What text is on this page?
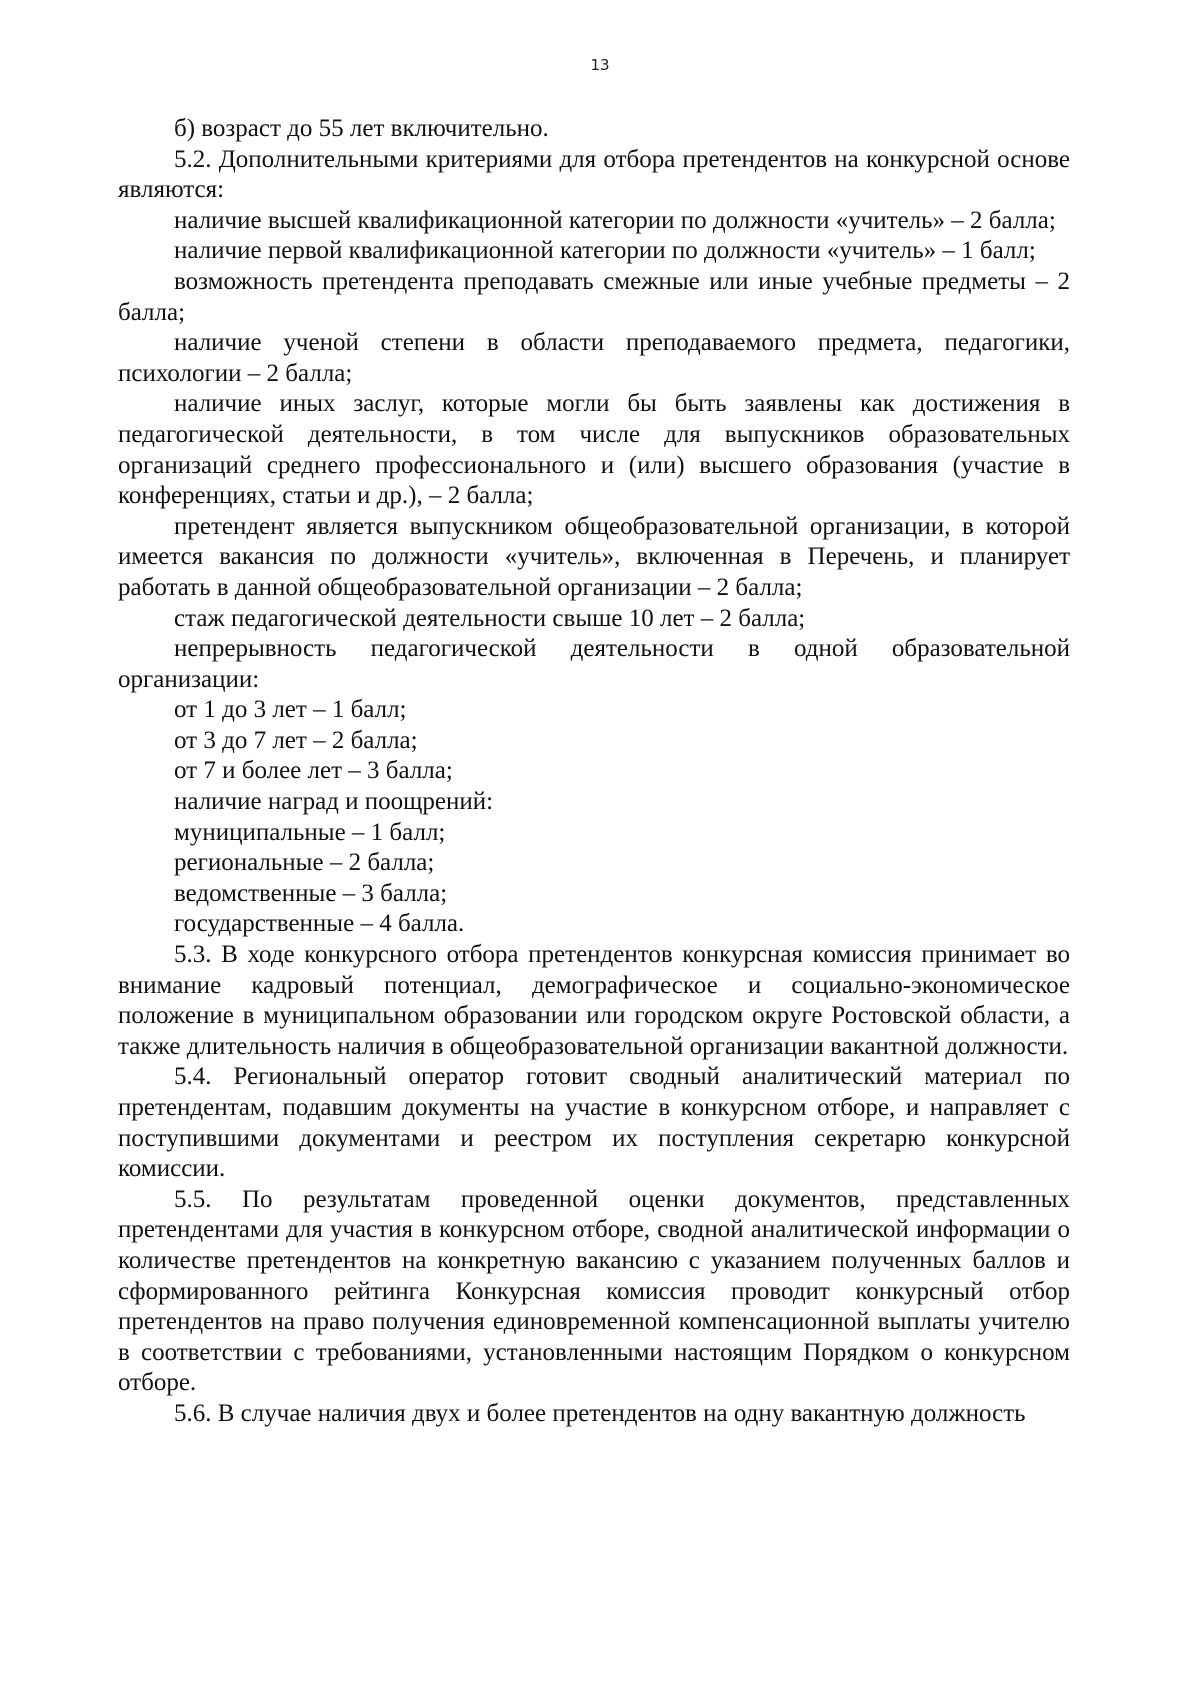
13

б) возраст до 55 лет включительно.

5.2. Дополнительными критериями для отбора претендентов на конкурсной основе являются:

наличие высшей квалификационной категории по должности «учитель» – 2 балла;

наличие первой квалификационной категории по должности «учитель» – 1 балл;

возможность претендента преподавать смежные или иные учебные предметы – 2 балла;

наличие ученой степени в области преподаваемого предмета, педагогики, психологии – 2 балла;

наличие иных заслуг, которые могли бы быть заявлены как достижения в педагогической деятельности, в том числе для выпускников образовательных организаций среднего профессионального и (или) высшего образования (участие в конференциях, статьи и др.), – 2 балла;

претендент является выпускником общеобразовательной организации, в которой имеется вакансия по должности «учитель», включенная в Перечень, и планирует работать в данной общеобразовательной организации – 2 балла;

стаж педагогической деятельности свыше 10 лет – 2 балла;

непрерывность педагогической деятельности в одной образовательной организации:

от 1 до 3 лет – 1 балл;

от 3 до 7 лет – 2 балла;

от 7 и более лет – 3 балла;

наличие наград и поощрений:

муниципальные – 1 балл;

региональные – 2 балла;

ведомственные – 3 балла;

государственные – 4 балла.

5.3. В ходе конкурсного отбора претендентов конкурсная комиссия принимает во внимание кадровый потенциал, демографическое и социально-экономическое положение в муниципальном образовании или городском округе Ростовской области, а также длительность наличия в общеобразовательной организации вакантной должности.

5.4. Региональный оператор готовит сводный аналитический материал по претендентам, подавшим документы на участие в конкурсном отборе, и направляет с поступившими документами и реестром их поступления секретарю конкурсной комиссии.

5.5. По результатам проведенной оценки документов, представленных претендентами для участия в конкурсном отборе, сводной аналитической информации о количестве претендентов на конкретную вакансию с указанием полученных баллов и сформированного рейтинга Конкурсная комиссия проводит конкурсный отбор претендентов на право получения единовременной компенсационной выплаты учителю в соответствии с требованиями, установленными настоящим Порядком о конкурсном отборе.

5.6. В случае наличия двух и более претендентов на одну вакантную должность
